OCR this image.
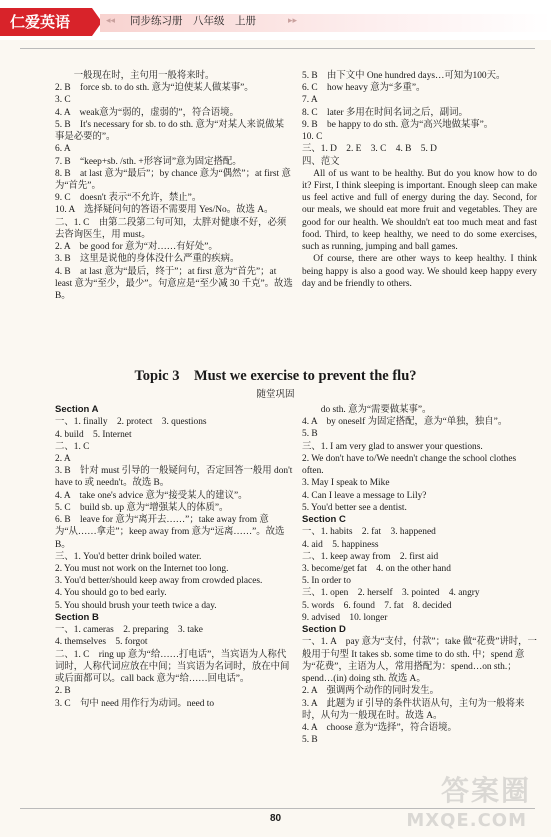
仁爱英语	◂◂ 同步练习册　八年级　上册	▸▸
　　一般现在时，主句用一般将来时。
2. B　force sb. to do sth. 意为“迫使某人做某事”。
3. C
4. A　weak意为“弱的，虚弱的”，符合语境。
5. B　It's necessary for sb. to do sth. 意为“对某人来说做某事是必要的”。
6. A
7. B　“keep+sb. /sth. +形容词”意为固定搭配。
8. B　at last 意为“最后”；by chance 意为“偶然”；at first 意为“首先”。
9. C　doesn't 表示“不允许，禁止”。
10. A　选择疑问句的答语不需要用 Yes/No。故选 A。
二、1. C　由第二段第二句可知，太胖对健康不好，必须去咨询医生，用 must。
2. A　be good for 意为“对……有好处”。
3. B　这里是说他的身体没什么严重的疾病。
4. B　at last 意为“最后，终于”；at first 意为“首先”；at least 意为“至少，最少”。句意应是“至少减 30 千克”。故选 B。
5. B　由下文中 One hundred days…可知为100天。
6. C　how heavy 意为“多重”。
7. A
8. C　later 多用在时间名词之后，副词。
9. B　be happy to do sth. 意为“高兴地做某事”。
10. C
三、1. D　2. E　3. C　4. B　5. D
四、范文
All of us want to be healthy. But do you know how to do it? First, I think sleeping is important. Enough sleep can make us feel active and full of energy during the day. Second, for our meals, we should eat more fruit and vegetables. They are good for our health. We shouldn't eat too much meat and fast food. Third, to keep healthy, we need to do some exercises, such as running, jumping and ball games.
Of course, there are other ways to keep healthy. I think being happy is also a good way. We should keep happy every day and be friendly to others.
Topic 3　Must we exercise to prevent the flu?
随堂巩固
Section A
一、1. finally　2. protect　3. questions
4. build　5. Internet
二、1. C
2. A
3. B　针对 must 引导的一般疑问句，否定回答一般用 don't have to 或 needn't。故选 B。
4. A　take one's advice 意为“接受某人的建议”。
5. C　build sb. up 意为“增强某人的体质”。
6. B　leave for 意为“离开去……”；take away from 意为“从……拿走”；keep away from 意为“远离……”。故选 B。
三、1. You'd better drink boiled water.
2. You must not work on the Internet too long.
3. You'd better/should keep away from crowded places.
4. You should go to bed early.
5. You should brush your teeth twice a day.
Section B
一、1. cameras　2. preparing　3. take
4. themselves　5. forgot
二、1. C　ring up 意为“给……打电话”，当宾语为人称代词时，人称代词应放在中间；当宾语为名词时，放在中间或后面都可以。call back 意为“给……回电话”。
2. B
3. C　句中 need 用作行为动词。need to
　　do sth. 意为“需要做某事”。
4. A　by oneself 为固定搭配，意为“单独，独自”。
5. B
三、1. I am very glad to answer your questions.
2. We don't have to/We needn't change the school clothes often.
3. May I speak to Mike
4. Can I leave a message to Lily?
5. You'd better see a dentist.
Section C
一、1. habits　2. fat　3. happened
4. aid　5. happiness
二、1. keep away from　2. first aid
3. become/get fat　4. on the other hand
5. In order to
三、1. open　2. herself　3. pointed　4. angry
5. words　6. found　7. fat　8. decided
9. advised　10. longer
Section D
一、1. A　pay 意为“支付，付款”；take 做“花费”讲时，一般用于句型 It takes sb. some time to do sth. 中；spend 意为“花费”，主语为人，常用搭配为：spend…on sth.；spend…(in) doing sth. 故选 A。
2. A　强调两个动作的同时发生。
3. A　此题为 if 引导的条件状语从句，主句为一般将来时，从句为一般现在时。故选 A。
4. A　choose 意为“选择”，符合语境。
5. B
80
答案圈
MXQE.COM
